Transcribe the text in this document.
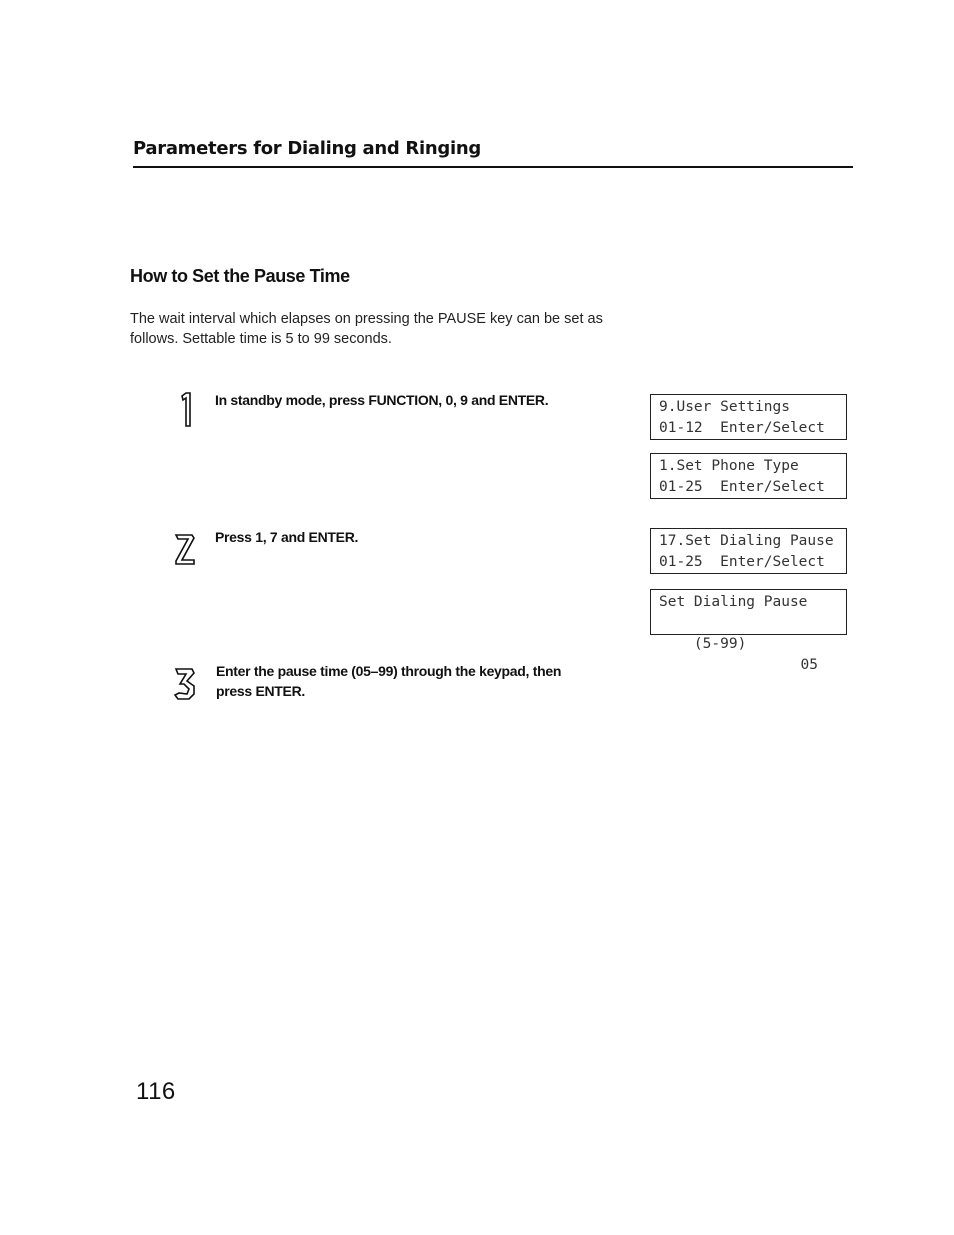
Parameters for Dialing and Ringing
How to Set the Pause Time
The wait interval which elapses on pressing the PAUSE key can be set as
follows. Settable time is 5 to 99 seconds.
In standby mode, press FUNCTION, 0, 9 and ENTER.
Press 1, 7 and ENTER.
Enter the pause time (05–99) through the keypad, then
press ENTER.
9.User Settings
01-12  Enter/Select
1.Set Phone Type
01-25  Enter/Select
17.Set Dialing Pause
01-25  Enter/Select
Set Dialing Pause

(5-99)

05

116
